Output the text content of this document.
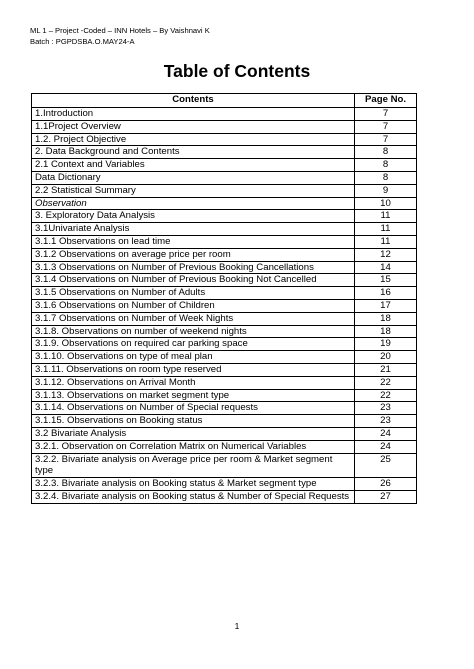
ML 1 – Project -Coded – INN Hotels – By Vaishnavi K
Batch : PGPDSBA.O.MAY24-A
Table of Contents
Contents	Page No.
1.Introduction	7
1.1Project Overview	7
1.2. Project Objective	7
2. Data Background and Contents	8
2.1 Context and Variables	8
Data Dictionary	8
2.2 Statistical Summary	9
Observation	10
3. Exploratory Data Analysis	11
3.1Univariate Analysis	11
3.1.1 Observations on lead time	11
3.1.2 Observations on average price per room	12
3.1.3 Observations on Number of Previous Booking Cancellations	14
3.1.4 Observations on Number of Previous Booking Not Cancelled	15
3.1.5 Observations on Number of Adults	16
3.1.6 Observations on Number of Children	17
3.1.7 Observations on Number of Week Nights	18
3.1.8. Observations on number of weekend nights	18
3.1.9. Observations on required car parking space	19
3.1.10. Observations on type of meal plan	20
3.1.11. Observations on room type reserved	21
3.1.12. Observations on Arrival Month	22
3.1.13. Observations on market segment type	22
3.1.14. Observations on Number of Special requests	23
3.1.15. Observations on Booking status	23
3.2 Bivariate Analysis	24
3.2.1. Observation on Correlation Matrix on Numerical Variables	24
3.2.2. Bivariate analysis on Average price per room & Market segment type	25
3.2.3. Bivariate analysis on Booking status & Market segment type	26
3.2.4. Bivariate analysis on Booking status & Number of Special Requests	27
1
